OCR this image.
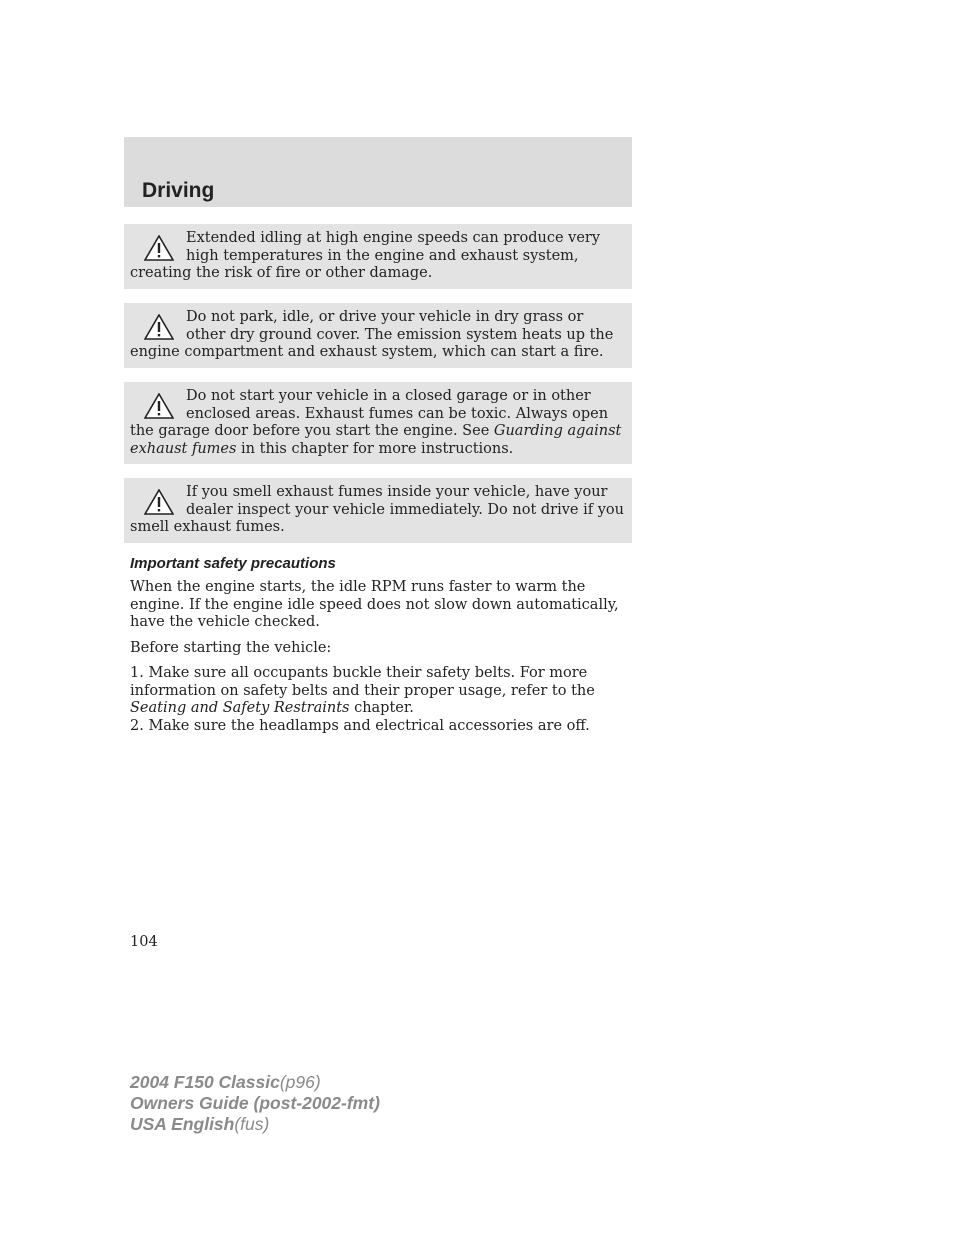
Driving
Extended idling at high engine speeds can produce very high temperatures in the engine and exhaust system, creating the risk of fire or other damage.
Do not park, idle, or drive your vehicle in dry grass or other dry ground cover. The emission system heats up the engine compartment and exhaust system, which can start a fire.
Do not start your vehicle in a closed garage or in other enclosed areas. Exhaust fumes can be toxic. Always open the garage door before you start the engine. See Guarding against exhaust fumes in this chapter for more instructions.
If you smell exhaust fumes inside your vehicle, have your dealer inspect your vehicle immediately. Do not drive if you smell exhaust fumes.
Important safety precautions
When the engine starts, the idle RPM runs faster to warm the engine. If the engine idle speed does not slow down automatically, have the vehicle checked.
Before starting the vehicle:
1. Make sure all occupants buckle their safety belts. For more information on safety belts and their proper usage, refer to the Seating and Safety Restraints chapter.
2. Make sure the headlamps and electrical accessories are off.
104
2004 F150 Classic(p96)
Owners Guide (post-2002-fmt)
USA English(fus)
